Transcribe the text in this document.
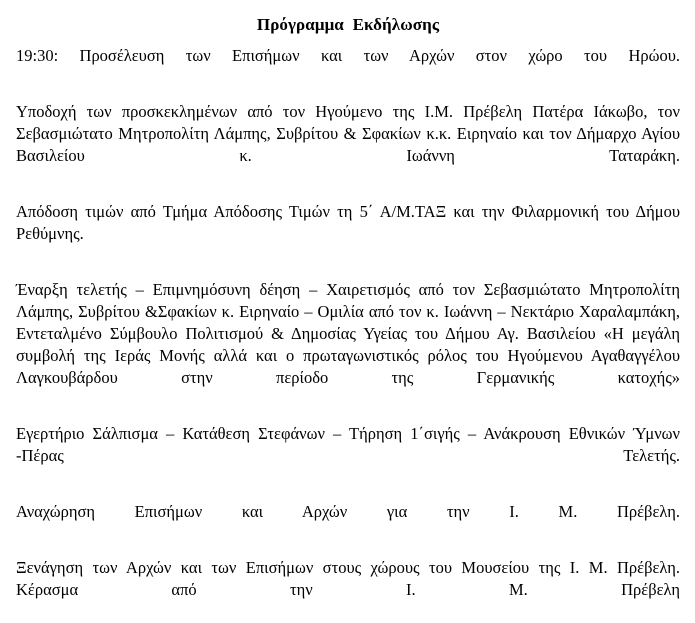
Πρόγραμμα  Εκδήλωσης

19:30: Προσέλευση των Επισήμων και των Αρχών στον χώρο του Ηρώου.

Υποδοχή των προσκεκλημένων από τον Ηγούμενο της Ι.Μ. Πρέβελη Πατέρα Ιάκωβο, τον Σεβασμιώτατο Μητροπολίτη Λάμπης, Συβρίτου & Σφακίων κ.κ. Ειρηναίο και τον Δήμαρχο Αγίου Βασιλείου κ. Ιωάννη Ταταράκη.

Απόδοση τιμών από Τμήμα Απόδοσης Τιμών τη 5΄ Α/Μ.ΤΑΞ και την Φιλαρμονική του Δήμου Ρεθύμνης.

Έναρξη τελετής – Επιμνημόσυνη δέηση – Χαιρετισμός από τον Σεβασμιώτατο Μητροπολίτη Λάμπης, Συβρίτου &Σφακίων κ. Ειρηναίο – Ομιλία από τον κ. Ιωάννη – Νεκτάριο Χαραλαμπάκη, Εντεταλμένο Σύμβουλο Πολιτισμού & Δημοσίας Υγείας του Δήμου Αγ. Βασιλείου «Η μεγάλη συμβολή της Ιεράς Μονής αλλά και ο πρωταγωνιστικός ρόλος του Ηγούμενου Αγαθαγγέλου Λαγκουβάρδου στην περίοδο της Γερμανικής κατοχής»

Εγερτήριο Σάλπισμα – Κατάθεση Στεφάνων – Τήρηση 1΄σιγής – Ανάκρουση Εθνικών Ύμνων -Πέρας Τελετής.

Αναχώρηση Επισήμων και Αρχών για την Ι. Μ. Πρέβελη.

Ξενάγηση των Αρχών και των Επισήμων στους χώρους του Μουσείου της Ι. Μ. Πρέβελη. Κέρασμα από την Ι. Μ. Πρέβελη
